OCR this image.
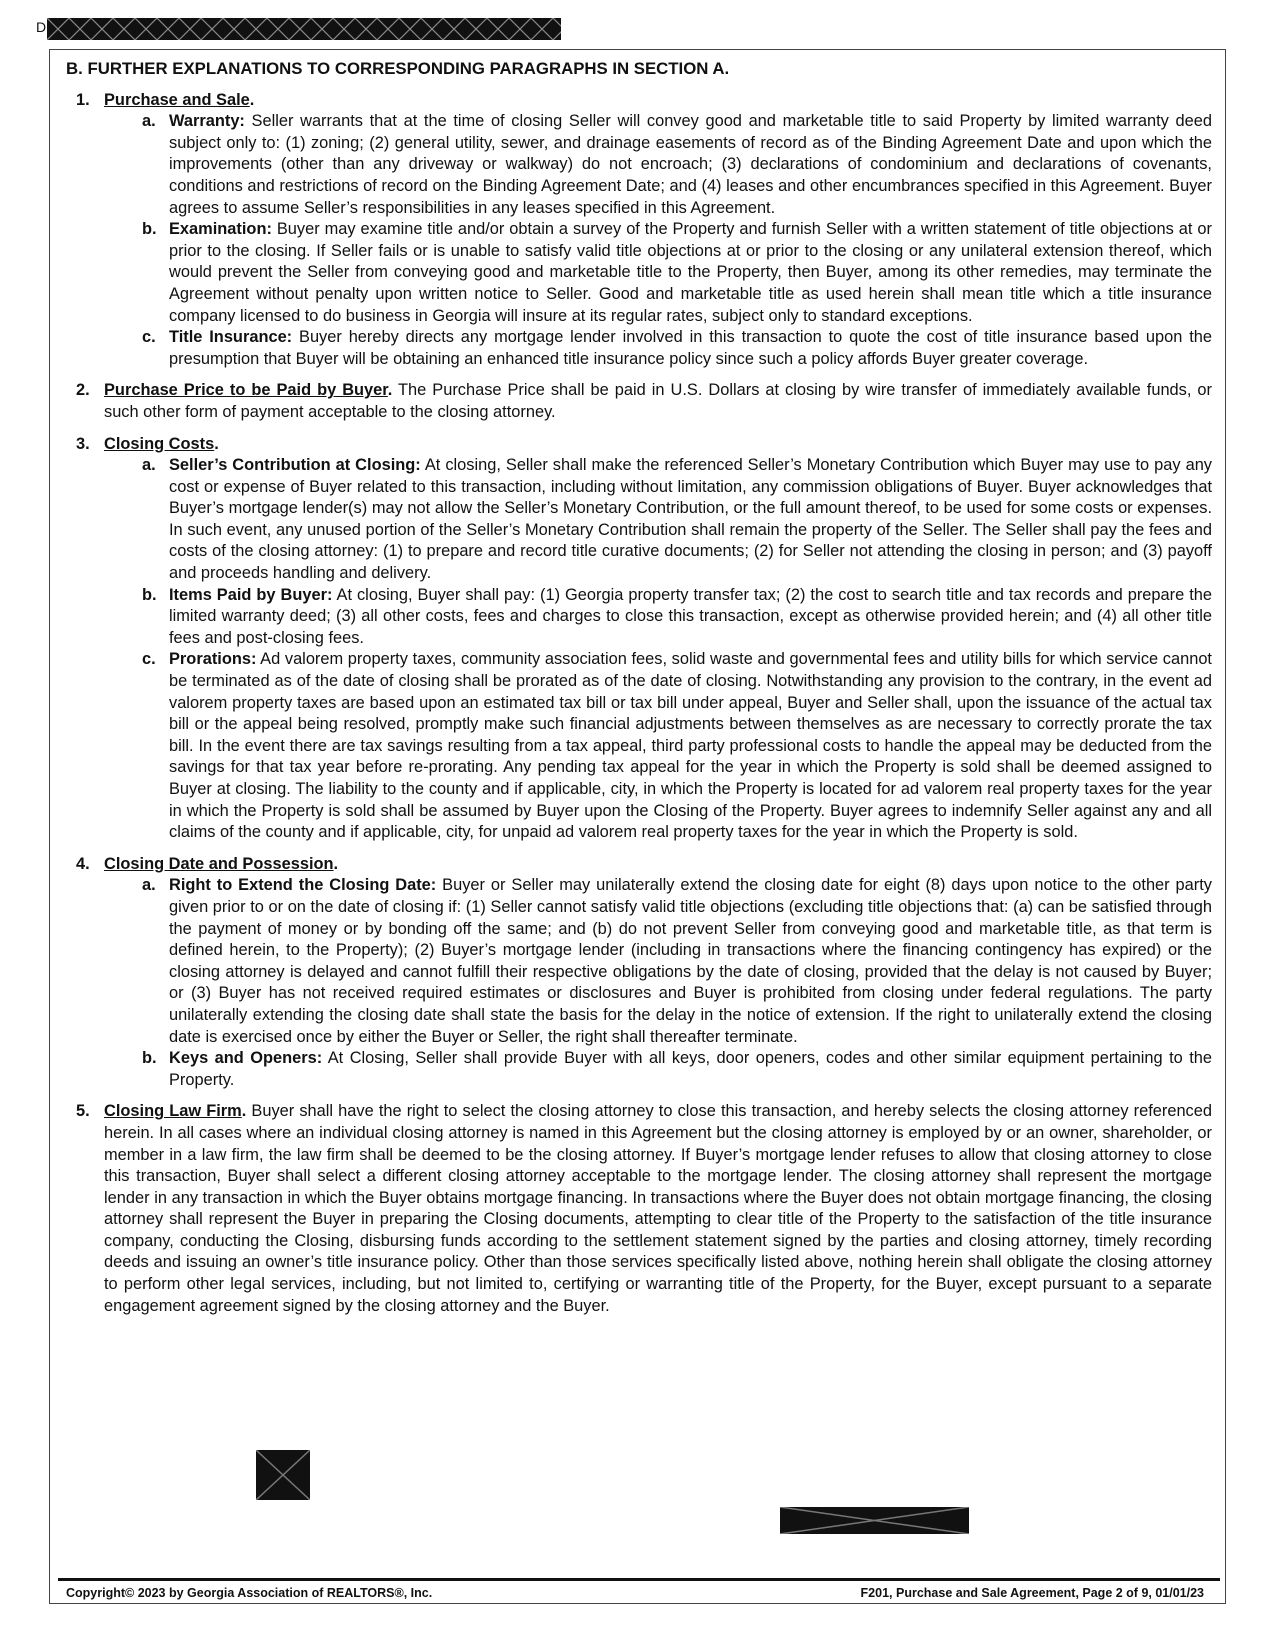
D
B. FURTHER EXPLANATIONS TO CORRESPONDING PARAGRAPHS IN SECTION A.
1. Purchase and Sale.
a. Warranty: Seller warrants that at the time of closing Seller will convey good and marketable title to said Property by limited warranty deed subject only to: (1) zoning; (2) general utility, sewer, and drainage easements of record as of the Binding Agreement Date and upon which the improvements (other than any driveway or walkway) do not encroach; (3) declarations of condominium and declarations of covenants, conditions and restrictions of record on the Binding Agreement Date; and (4) leases and other encumbrances specified in this Agreement. Buyer agrees to assume Seller’s responsibilities in any leases specified in this Agreement.
b. Examination: Buyer may examine title and/or obtain a survey of the Property and furnish Seller with a written statement of title objections at or prior to the closing. If Seller fails or is unable to satisfy valid title objections at or prior to the closing or any unilateral extension thereof, which would prevent the Seller from conveying good and marketable title to the Property, then Buyer, among its other remedies, may terminate the Agreement without penalty upon written notice to Seller. Good and marketable title as used herein shall mean title which a title insurance company licensed to do business in Georgia will insure at its regular rates, subject only to standard exceptions.
c. Title Insurance: Buyer hereby directs any mortgage lender involved in this transaction to quote the cost of title insurance based upon the presumption that Buyer will be obtaining an enhanced title insurance policy since such a policy affords Buyer greater coverage.
2. Purchase Price to be Paid by Buyer. The Purchase Price shall be paid in U.S. Dollars at closing by wire transfer of immediately available funds, or such other form of payment acceptable to the closing attorney.
3. Closing Costs.
a. Seller’s Contribution at Closing: At closing, Seller shall make the referenced Seller’s Monetary Contribution which Buyer may use to pay any cost or expense of Buyer related to this transaction, including without limitation, any commission obligations of Buyer. Buyer acknowledges that Buyer’s mortgage lender(s) may not allow the Seller’s Monetary Contribution, or the full amount thereof, to be used for some costs or expenses. In such event, any unused portion of the Seller’s Monetary Contribution shall remain the property of the Seller. The Seller shall pay the fees and costs of the closing attorney: (1) to prepare and record title curative documents; (2) for Seller not attending the closing in person; and (3) payoff and proceeds handling and delivery.
b. Items Paid by Buyer: At closing, Buyer shall pay: (1) Georgia property transfer tax; (2) the cost to search title and tax records and prepare the limited warranty deed; (3) all other costs, fees and charges to close this transaction, except as otherwise provided herein; and (4) all other title fees and post-closing fees.
c. Prorations: Ad valorem property taxes, community association fees, solid waste and governmental fees and utility bills for which service cannot be terminated as of the date of closing shall be prorated as of the date of closing. Notwithstanding any provision to the contrary, in the event ad valorem property taxes are based upon an estimated tax bill or tax bill under appeal, Buyer and Seller shall, upon the issuance of the actual tax bill or the appeal being resolved, promptly make such financial adjustments between themselves as are necessary to correctly prorate the tax bill. In the event there are tax savings resulting from a tax appeal, third party professional costs to handle the appeal may be deducted from the savings for that tax year before re-prorating. Any pending tax appeal for the year in which the Property is sold shall be deemed assigned to Buyer at closing. The liability to the county and if applicable, city, in which the Property is located for ad valorem real property taxes for the year in which the Property is sold shall be assumed by Buyer upon the Closing of the Property. Buyer agrees to indemnify Seller against any and all claims of the county and if applicable, city, for unpaid ad valorem real property taxes for the year in which the Property is sold.
4. Closing Date and Possession.
a. Right to Extend the Closing Date: Buyer or Seller may unilaterally extend the closing date for eight (8) days upon notice to the other party given prior to or on the date of closing if: (1) Seller cannot satisfy valid title objections (excluding title objections that: (a) can be satisfied through the payment of money or by bonding off the same; and (b) do not prevent Seller from conveying good and marketable title, as that term is defined herein, to the Property); (2) Buyer’s mortgage lender (including in transactions where the financing contingency has expired) or the closing attorney is delayed and cannot fulfill their respective obligations by the date of closing, provided that the delay is not caused by Buyer; or (3) Buyer has not received required estimates or disclosures and Buyer is prohibited from closing under federal regulations. The party unilaterally extending the closing date shall state the basis for the delay in the notice of extension. If the right to unilaterally extend the closing date is exercised once by either the Buyer or Seller, the right shall thereafter terminate.
b. Keys and Openers: At Closing, Seller shall provide Buyer with all keys, door openers, codes and other similar equipment pertaining to the Property.
5. Closing Law Firm. Buyer shall have the right to select the closing attorney to close this transaction, and hereby selects the closing attorney referenced herein. In all cases where an individual closing attorney is named in this Agreement but the closing attorney is employed by or an owner, shareholder, or member in a law firm, the law firm shall be deemed to be the closing attorney. If Buyer’s mortgage lender refuses to allow that closing attorney to close this transaction, Buyer shall select a different closing attorney acceptable to the mortgage lender. The closing attorney shall represent the mortgage lender in any transaction in which the Buyer obtains mortgage financing. In transactions where the Buyer does not obtain mortgage financing, the closing attorney shall represent the Buyer in preparing the Closing documents, attempting to clear title of the Property to the satisfaction of the title insurance company, conducting the Closing, disbursing funds according to the settlement statement signed by the parties and closing attorney, timely recording deeds and issuing an owner’s title insurance policy. Other than those services specifically listed above, nothing herein shall obligate the closing attorney to perform other legal services, including, but not limited to, certifying or warranting title of the Property, for the Buyer, except pursuant to a separate engagement agreement signed by the closing attorney and the Buyer.
Copyright© 2023 by Georgia Association of REALTORS®, Inc.	F201, Purchase and Sale Agreement, Page 2 of 9, 01/01/23
